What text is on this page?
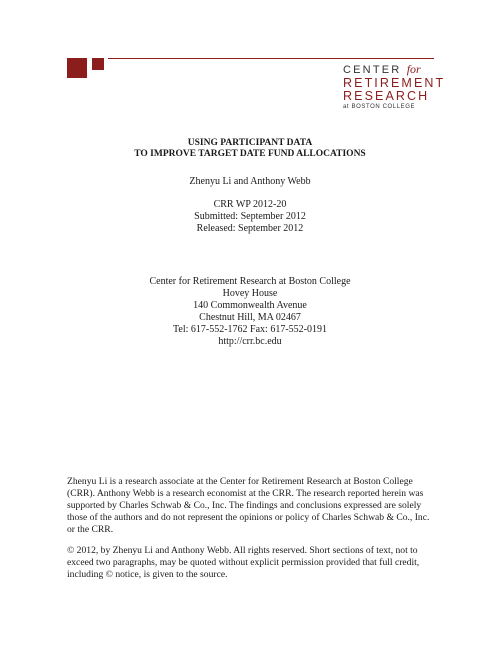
CENTER for
RETIREMENT
RESEARCH
at BOSTON COLLEGE
USING PARTICIPANT DATA
TO IMPROVE TARGET DATE FUND ALLOCATIONS
Zhenyu Li and Anthony Webb
CRR WP 2012-20
Submitted: September 2012
Released: September 2012
Center for Retirement Research at Boston College
Hovey House
140 Commonwealth Avenue
Chestnut Hill, MA 02467
Tel: 617-552-1762 Fax: 617-552-0191
http://crr.bc.edu
Zhenyu Li is a research associate at the Center for Retirement Research at Boston College (CRR). Anthony Webb is a research economist at the CRR. The research reported herein was supported by Charles Schwab & Co., Inc. The findings and conclusions expressed are solely those of the authors and do not represent the opinions or policy of Charles Schwab & Co., Inc. or the CRR.
© 2012, by Zhenyu Li and Anthony Webb. All rights reserved. Short sections of text, not to exceed two paragraphs, may be quoted without explicit permission provided that full credit, including © notice, is given to the source.
